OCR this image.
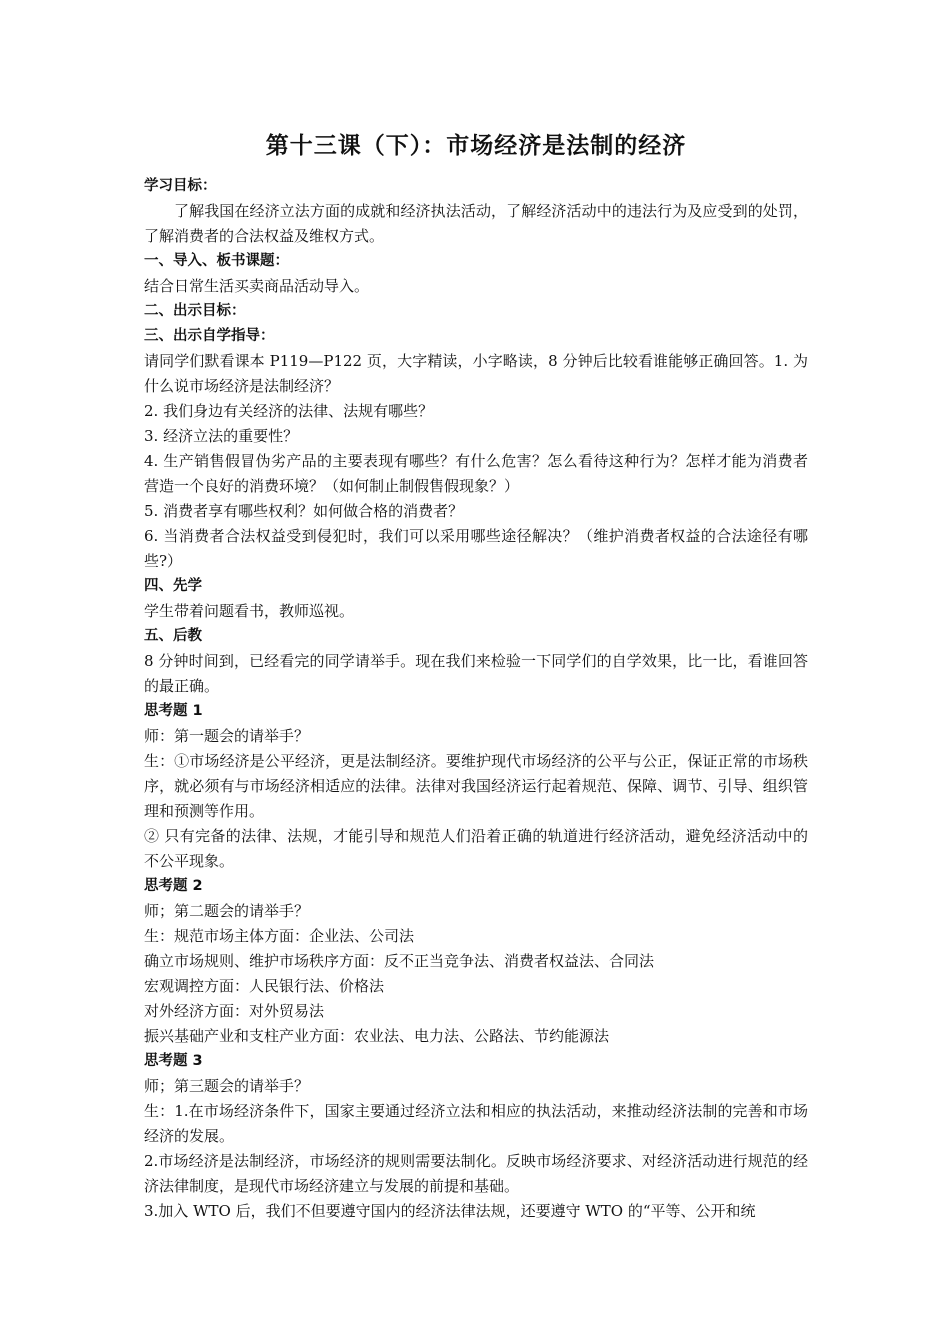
第十三课（下）：市场经济是法制的经济
学习目标：
了解我国在经济立法方面的成就和经济执法活动，了解经济活动中的违法行为及应受到的处罚，了解消费者的合法权益及维权方式。
一、导入、板书课题：
结合日常生活买卖商品活动导入。
二、出示目标：
三、出示自学指导：
请同学们默看课本 P119—P122 页，大字精读，小字略读，8 分钟后比较看谁能够正确回答。1. 为什么说市场经济是法制经济？
2. 我们身边有关经济的法律、法规有哪些？
3. 经济立法的重要性？
4. 生产销售假冒伪劣产品的主要表现有哪些？有什么危害？怎么看待这种行为？怎样才能为消费者营造一个良好的消费环境？（如何制止制假售假现象？）
5. 消费者享有哪些权利？如何做合格的消费者？
6. 当消费者合法权益受到侵犯时，我们可以采用哪些途径解决？（维护消费者权益的合法途径有哪些?）
四、先学
学生带着问题看书，教师巡视。
五、后教
8 分钟时间到，已经看完的同学请举手。现在我们来检验一下同学们的自学效果，比一比，看谁回答的最正确。
思考题 1
师：第一题会的请举手？
生：①市场经济是公平经济，更是法制经济。要维护现代市场经济的公平与公正，保证正常的市场秩序，就必须有与市场经济相适应的法律。法律对我国经济运行起着规范、保障、调节、引导、组织管理和预测等作用。
② 只有完备的法律、法规，才能引导和规范人们沿着正确的轨道进行经济活动，避免经济活动中的不公平现象。
思考题 2
师；第二题会的请举手？
生：规范市场主体方面：企业法、公司法
确立市场规则、维护市场秩序方面：反不正当竞争法、消费者权益法、合同法
宏观调控方面：人民银行法、价格法
对外经济方面：对外贸易法
振兴基础产业和支柱产业方面：农业法、电力法、公路法、节约能源法
思考题 3
师；第三题会的请举手？
生：1.在市场经济条件下，国家主要通过经济立法和相应的执法活动，来推动经济法制的完善和市场经济的发展。
2.市场经济是法制经济，市场经济的规则需要法制化。反映市场经济要求、对经济活动进行规范的经济法律制度，是现代市场经济建立与发展的前提和基础。
3.加入 WTO 后，我们不但要遵守国内的经济法律法规，还要遵守 WTO 的“平等、公开和统
